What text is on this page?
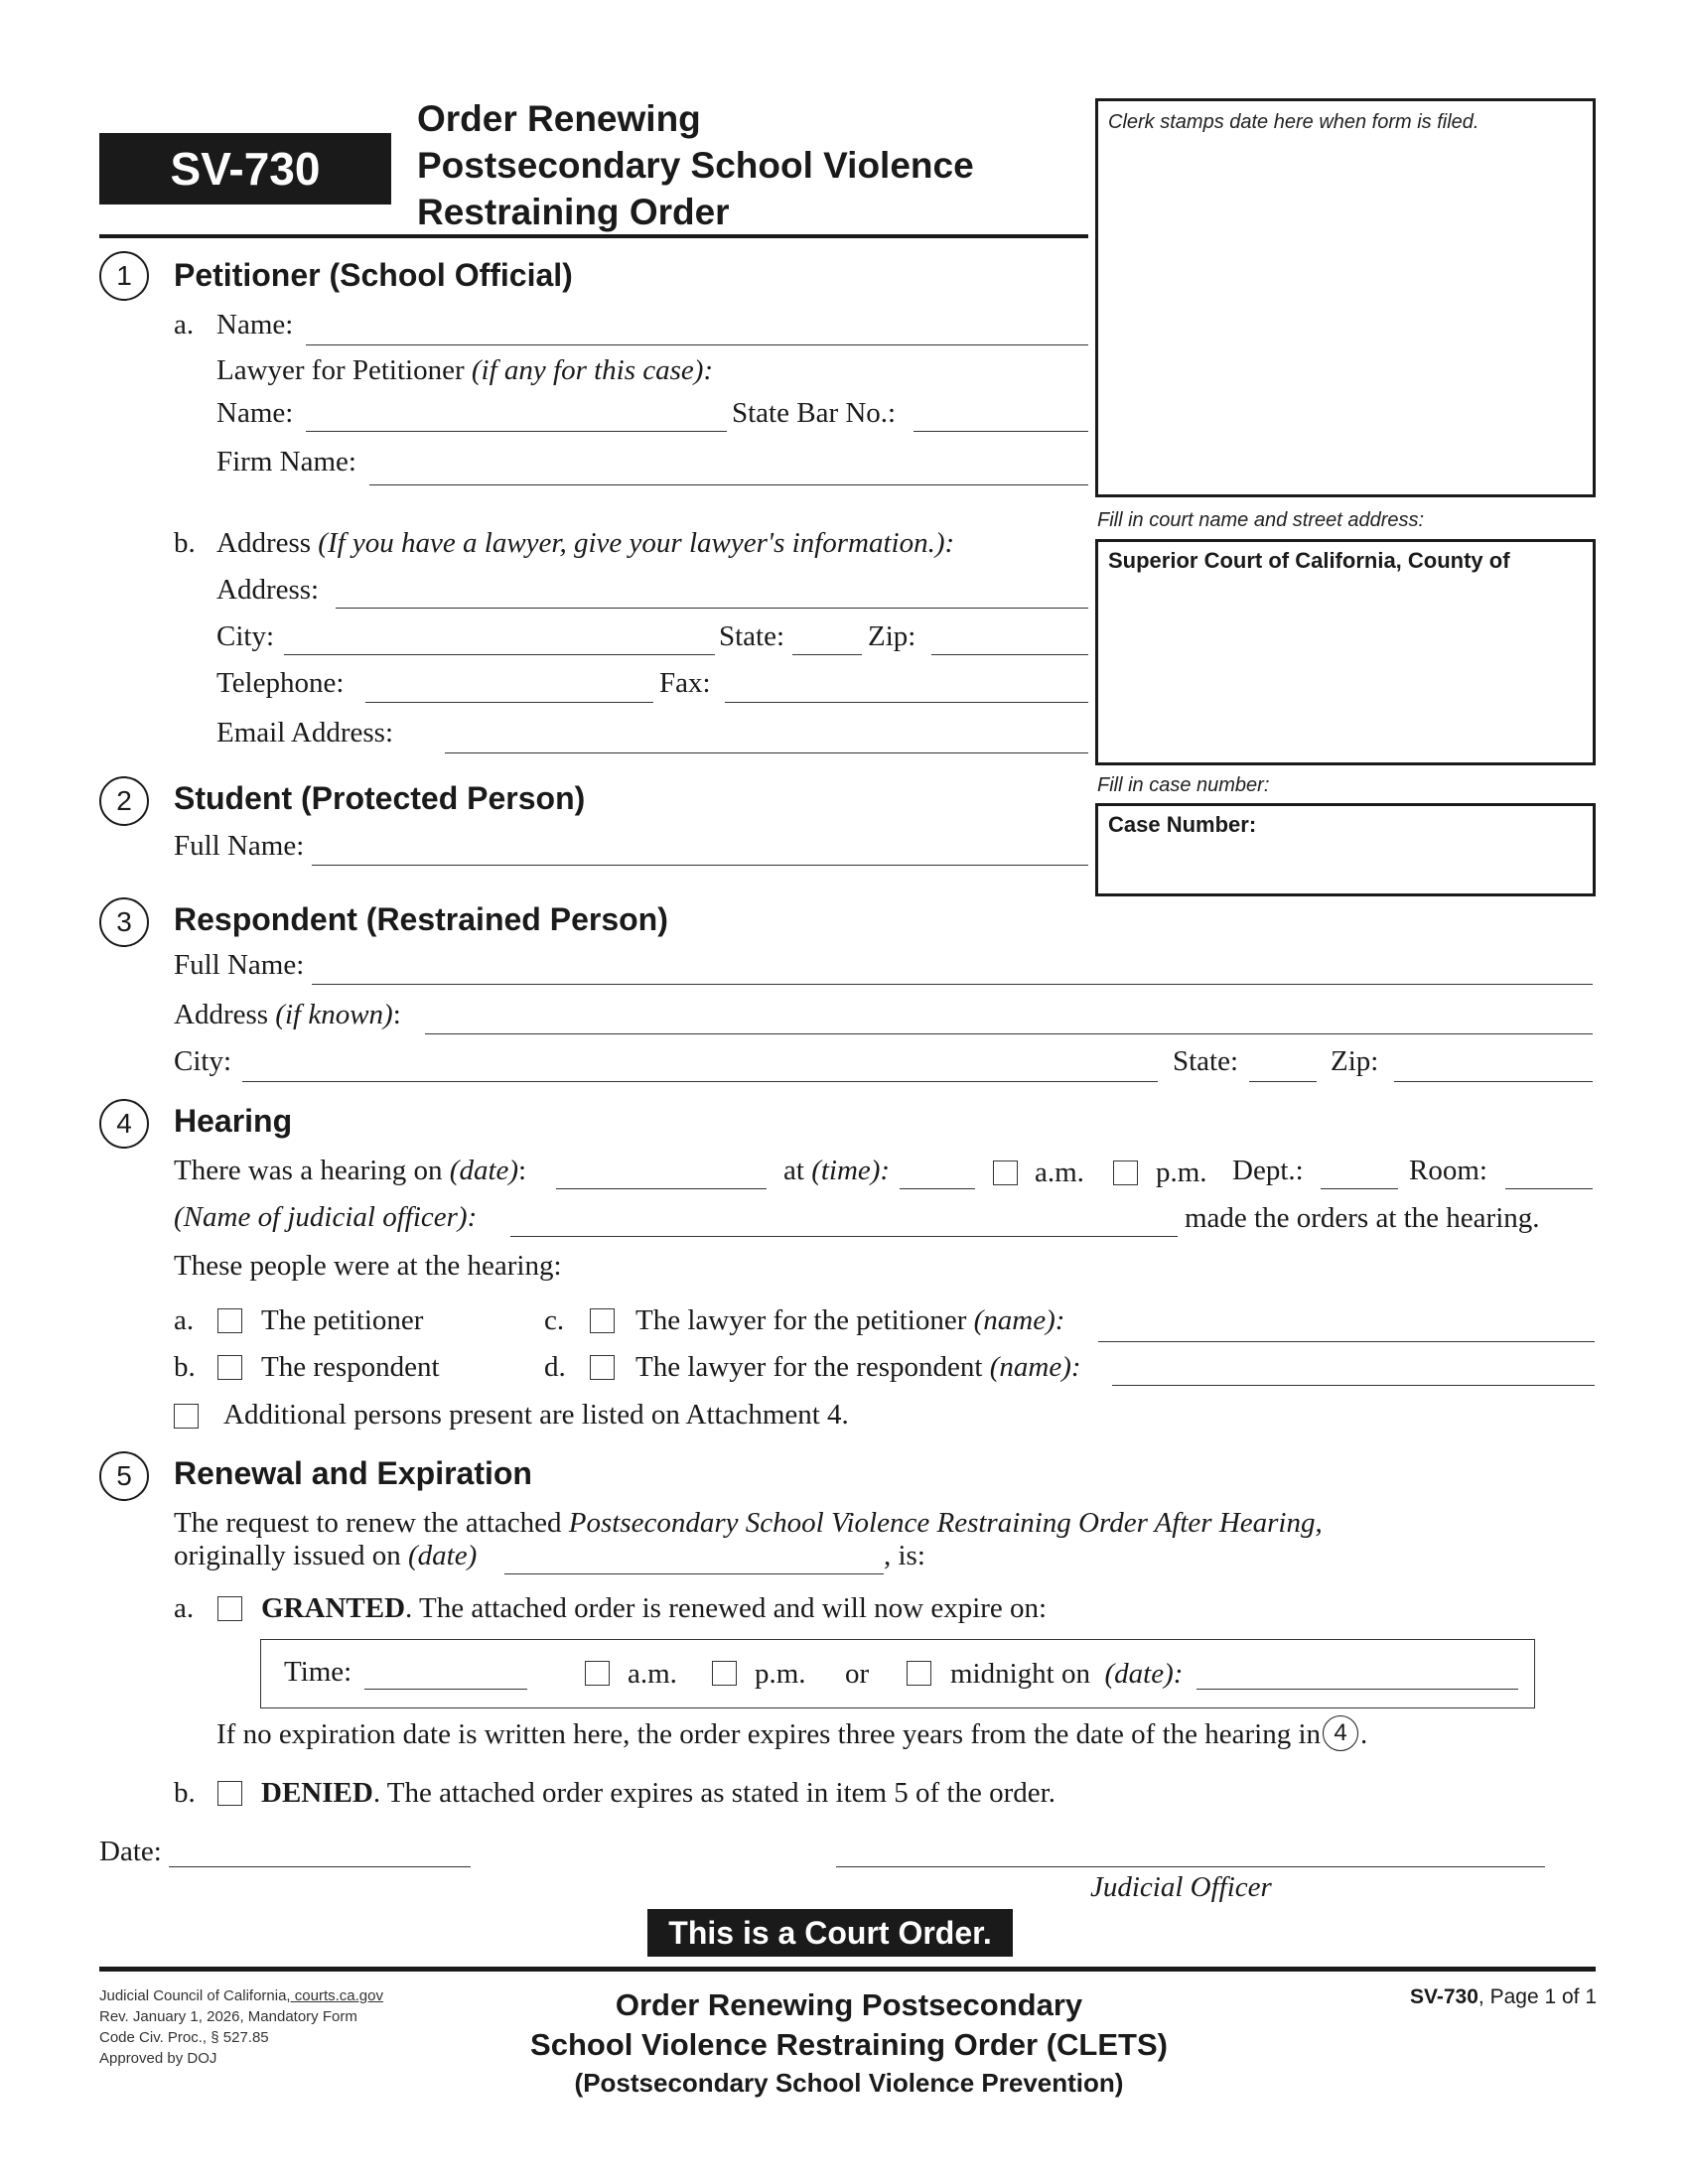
SV-730
Order Renewing
Postsecondary School Violence
Restraining Order
Clerk stamps date here when form is filed.
Fill in court name and street address:
Superior Court of California, County of
Fill in case number:
Case Number:
1	Petitioner (School Official)
a. Name:
Lawyer for Petitioner (if any for this case):
Name:	State Bar No.:
Firm Name:
b. Address (If you have a lawyer, give your lawyer's information.):
Address:
City:	State:	Zip:
Telephone:	Fax:
Email Address:
2	Student (Protected Person)
Full Name:
3	Respondent (Restrained Person)
Full Name:
Address (if known):
City:	State:	Zip:
4	Hearing
There was a hearing on (date):	at (time):	a.m. p.m. Dept.:	Room:
(Name of judicial officer):	made the orders at the hearing.
These people were at the hearing:
a. The petitioner	c. The lawyer for the petitioner (name):
b. The respondent	d. The lawyer for the respondent (name):
Additional persons present are listed on Attachment 4.
5	Renewal and Expiration
The request to renew the attached Postsecondary School Violence Restraining Order After Hearing,
originally issued on (date)	, is:
a. GRANTED. The attached order is renewed and will now expire on:
Time:	a.m.	p.m. or	midnight on (date):
If no expiration date is written here, the order expires three years from the date of the hearing in 4 .
b. DENIED. The attached order expires as stated in item 5 of the order.
Date:
Judicial Officer
This is a Court Order.
Judicial Council of California, courts.ca.gov
Rev. January 1, 2026, Mandatory Form
Code Civ. Proc., § 527.85
Approved by DOJ
Order Renewing Postsecondary
School Violence Restraining Order (CLETS)
(Postsecondary School Violence Prevention)
SV-730, Page 1 of 1
